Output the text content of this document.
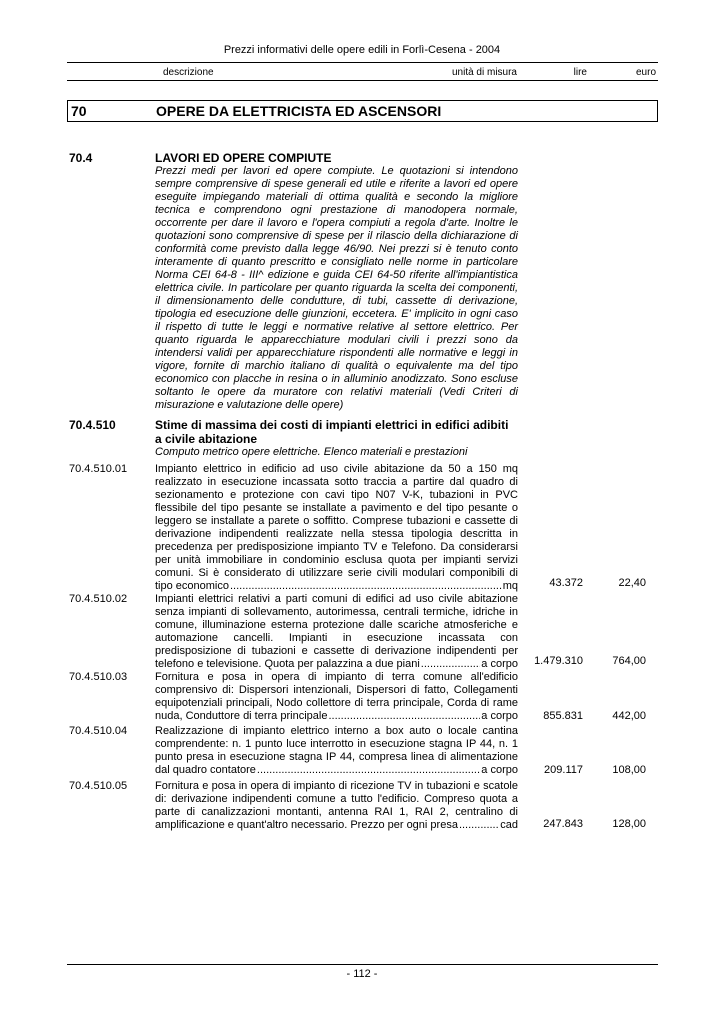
Prezzi informativi delle opere edili in Forlì-Cesena - 2004
descrizione	unità di misura	lire	euro
70	OPERE DA ELETTRICISTA ED ASCENSORI
70.4	LAVORI ED OPERE COMPIUTE
Prezzi medi per lavori ed opere compiute. Le quotazioni si intendono sempre comprensive di spese generali ed utile e riferite a lavori ed opere eseguite impiegando materiali di ottima qualità e secondo la migliore tecnica e comprendono ogni prestazione di manodopera normale, occorrente per dare il lavoro e l'opera compiuti a regola d'arte. Inoltre le quotazioni sono comprensive di spese per il rilascio della dichiarazione di conformità come previsto dalla legge 46/90. Nei prezzi si è tenuto conto interamente di quanto prescritto e consigliato nelle norme in particolare Norma CEI 64-8 - III^ edizione e guida CEI 64-50 riferite all'impiantistica elettrica civile. In particolare per quanto riguarda la scelta dei componenti, il dimensionamento delle condutture, di tubi, cassette di derivazione, tipologia ed esecuzione delle giunzioni, eccetera. E' implicito in ogni caso il rispetto di tutte le leggi e normative relative al settore elettrico. Per quanto riguarda le apparecchiature modulari civili i prezzi sono da intendersi validi per apparecchiature rispondenti alle normative e leggi in vigore, fornite di marchio italiano di qualità o equivalente ma del tipo economico con placche in resina o in alluminio anodizzato. Sono escluse soltanto le opere da muratore con relativi materiali (Vedi Criteri di misurazione e valutazione delle opere)
70.4.510	Stime di massima dei costi di impianti elettrici in edifici adibiti
a civile abitazione
Computo metrico opere elettriche. Elenco materiali e prestazioni
70.4.510.01	Impianto elettrico in edificio ad uso civile abitazione da 50 a 150 mq realizzato in esecuzione incassata sotto traccia a partire dal quadro di sezionamento e protezione con cavi tipo N07 V-K, tubazioni in PVC flessibile del tipo pesante se installate a pavimento e del tipo pesante o leggero se installate a parete o soffitto. Comprese tubazioni e cassette di derivazione indipendenti realizzate nella stessa tipologia descritta in precedenza per predisposizione impianto TV e Telefono. Da considerarsi per unità immobiliare in condominio esclusa quota per impianti servizi comuni. Si è considerato di utilizzare serie civili modulari componibili di
tipo economico .....	mq	43.372	22,40
70.4.510.02	Impianti elettrici relativi a parti comuni di edifici ad uso civile abitazione senza impianti di sollevamento, autorimessa, centrali termiche, idriche in comune, illuminazione esterna protezione dalle scariche atmosferiche e automazione cancelli. Impianti in esecuzione incassata con predisposizione di tubazioni e cassette di derivazione indipendenti per
telefono e televisione. Quota per palazzina a due piani .....	a corpo 1.479.310	764,00
70.4.510.03	Fornitura e posa in opera di impianto di terra comune all'edificio comprensivo di: Dispersori intenzionali, Dispersori di fatto, Collegamenti equipotenziali principali, Nodo collettore di terra principale, Corda di rame
nuda, Conduttore di terra principale .....	a corpo 855.831	442,00
70.4.510.04	Realizzazione di impianto elettrico interno a box auto o locale cantina comprendente: n. 1 punto luce interrotto in esecuzione stagna IP 44, n. 1 punto presa in esecuzione stagna IP 44, compresa linea di alimentazione
dal quadro contatore .....	a corpo 209.117	108,00
70.4.510.05	Fornitura e posa in opera di impianto di ricezione TV in tubazioni e scatole di: derivazione indipendenti comune a tutto l'edificio. Compreso quota a parte di canalizzazioni montanti, antenna RAI 1, RAI 2, centralino di
amplificazione e quant'altro necessario. Prezzo per ogni presa .....	cad 247.843	128,00
- 112 -
